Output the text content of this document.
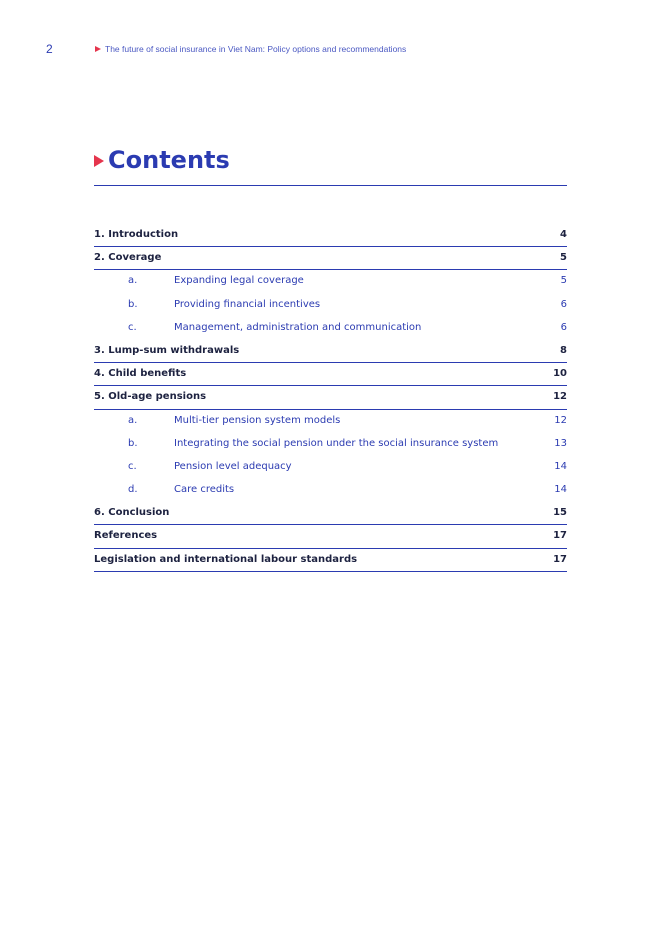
2	The future of social insurance in Viet Nam: Policy options and recommendations
Contents
1. Introduction	4
2. Coverage	5
a.	Expanding legal coverage	5
b.	Providing financial incentives	6
c.	Management, administration and communication	6
3. Lump-sum withdrawals	8
4. Child benefits	10
5. Old-age pensions	12
a.	Multi-tier pension system models	12
b.	Integrating the social pension under the social insurance system	13
c.	Pension level adequacy	14
d.	Care credits	14
6. Conclusion	15
References	17
Legislation and international labour standards	17
